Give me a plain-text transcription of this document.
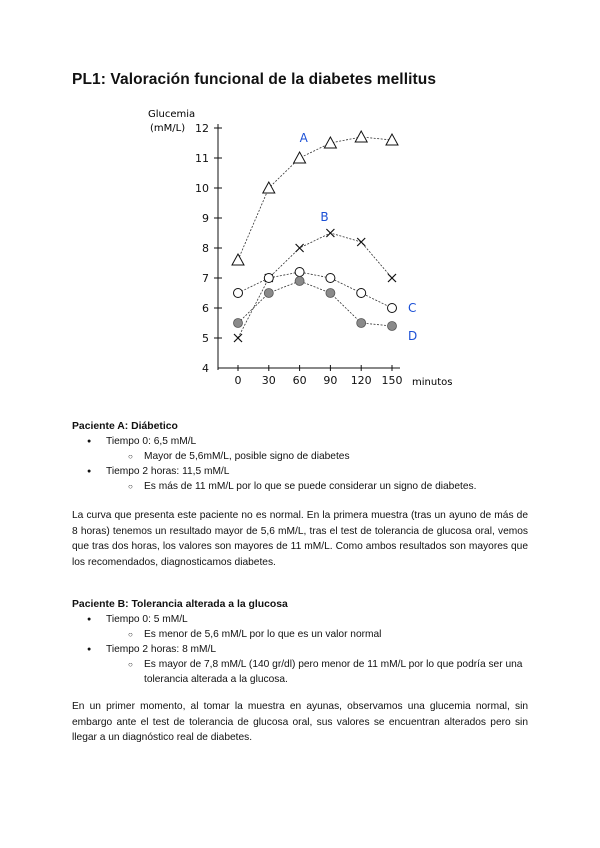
PL1: Valoración funcional de la diabetes mellitus
Glucemia
(mM/L)
minutos
4
5
6
7
8
9
10
11
12
0 30 60 90 120 150
A
B
C
D
Paciente A: Diábetico
● Tiempo 0: 6,5 mM/L
○ Mayor de 5,6mM/L, posible signo de diabetes
● Tiempo 2 horas: 11,5 mM/L
○ Es más de 11 mM/L por lo que se puede considerar un signo de diabetes.

La curva que presenta este paciente no es normal. En la primera muestra (tras un ayuno de más de 8 horas) tenemos un resultado mayor de 5,6 mM/L, tras el test de tolerancia de glucosa oral, vemos que tras dos horas, los valores son mayores de 11 mM/L. Como ambos resultados son mayores que los recomendados, diagnosticamos diabetes.

Paciente B: Tolerancia alterada a la glucosa
● Tiempo 0: 5 mM/L
○ Es menor de 5,6 mM/L por lo que es un valor normal
● Tiempo 2 horas: 8 mM/L
○ Es mayor de 7,8 mM/L (140 gr/dl) pero menor de 11 mM/L por lo que podría ser una tolerancia alterada a la glucosa.

En un primer momento, al tomar la muestra en ayunas, observamos una glucemia normal, sin embargo ante el test de tolerancia de glucosa oral, sus valores se encuentran alterados pero sin llegar a un diagnóstico real de diabetes.
